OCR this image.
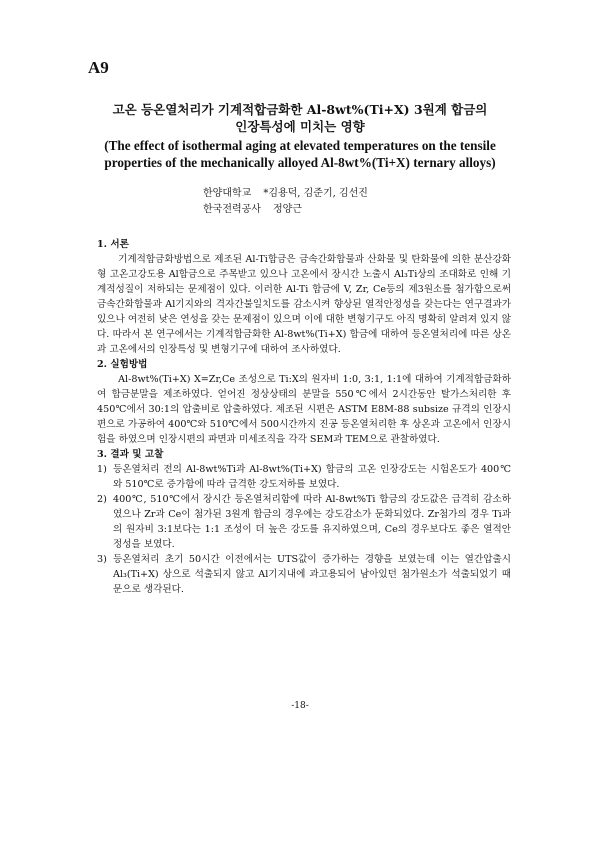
A9
고온 등온열처리가 기계적합금화한 Al-8wt%(Ti+X) 3원계 합금의
인장특성에 미치는 영향
(The effect of isothermal aging at elevated temperatures on the tensile
properties of the mechanically alloyed Al-8wt%(Ti+X) ternary alloys)
한양대학교 *김용덕, 김준기, 김선진
한국전력공사 정양근

1. 서론

기계적합금화방법으로 제조된 Al-Ti합금은 금속간화합물과 산화물 및 탄화물에 의한 분산강화형 고온고강도용 Al합금으로 주목받고 있으나 고온에서 장시간 노출시 Al₃Ti상의 조대화로 인해 기계적성질이 저하되는 문제점이 있다. 이러한 Al-Ti 합금에 V, Zr, Ce등의 제3원소를 첨가함으로써 금속간화합물과 Al기지와의 격자간불일치도를 감소시켜 향상된 열적안정성을 갖는다는 연구결과가 있으나 여전히 낮은 연성을 갖는 문제점이 있으며 이에 대한 변형기구도 아직 명확히 알려져 있지 않다. 따라서 본 연구에서는 기계적합금화한 Al-8wt%(Ti+X) 합금에 대하여 등온열처리에 따른 상온과 고온에서의 인장특성 및 변형기구에 대하여 조사하였다.

2. 실험방법

Al-8wt%(Ti+X) X=Zr,Ce 조성으로 Ti:X의 원자비 1:0, 3:1, 1:1에 대하여 기계적합금화하여 합금분말을 제조하였다. 얻어진 정상상태의 분말을 550℃에서 2시간동안 탈가스처리한 후 450℃에서 30:1의 압출비로 압출하였다. 제조된 시편은 ASTM E8M-88 subsize 규격의 인장시편으로 가공하여 400℃와 510℃에서 500시간까지 진공 등온열처리한 후 상온과 고온에서 인장시험을 하였으며 인장시편의 파면과 미세조직을 각각 SEM과 TEM으로 관찰하였다.

3. 결과 및 고찰

1) 등온열처리 전의 Al-8wt%Ti과 Al-8wt%(Ti+X) 합금의 고온 인장강도는 시험온도가 400℃와 510℃로 증가함에 따라 급격한 강도저하를 보였다.
2) 400℃, 510℃에서 장시간 등온열처리함에 따라 Al-8wt%Ti 합금의 강도값은 급격히 감소하였으나 Zr과 Ce이 첨가된 3원계 합금의 경우에는 강도감소가 둔화되었다. Zr첨가의 경우 Ti과의 원자비 3:1보다는 1:1 조성이 더 높은 강도를 유지하였으며, Ce의 경우보다도 좋은 열적안정성을 보였다.
3) 등온열처리 초기 50시간 이전에서는 UTS값이 증가하는 경향을 보였는데 이는 열간압출시 Al₃(Ti+X) 상으로 석출되지 않고 Al기지내에 과고용되어 남아있던 첨가원소가 석출되었기 때문으로 생각된다.
-18-
